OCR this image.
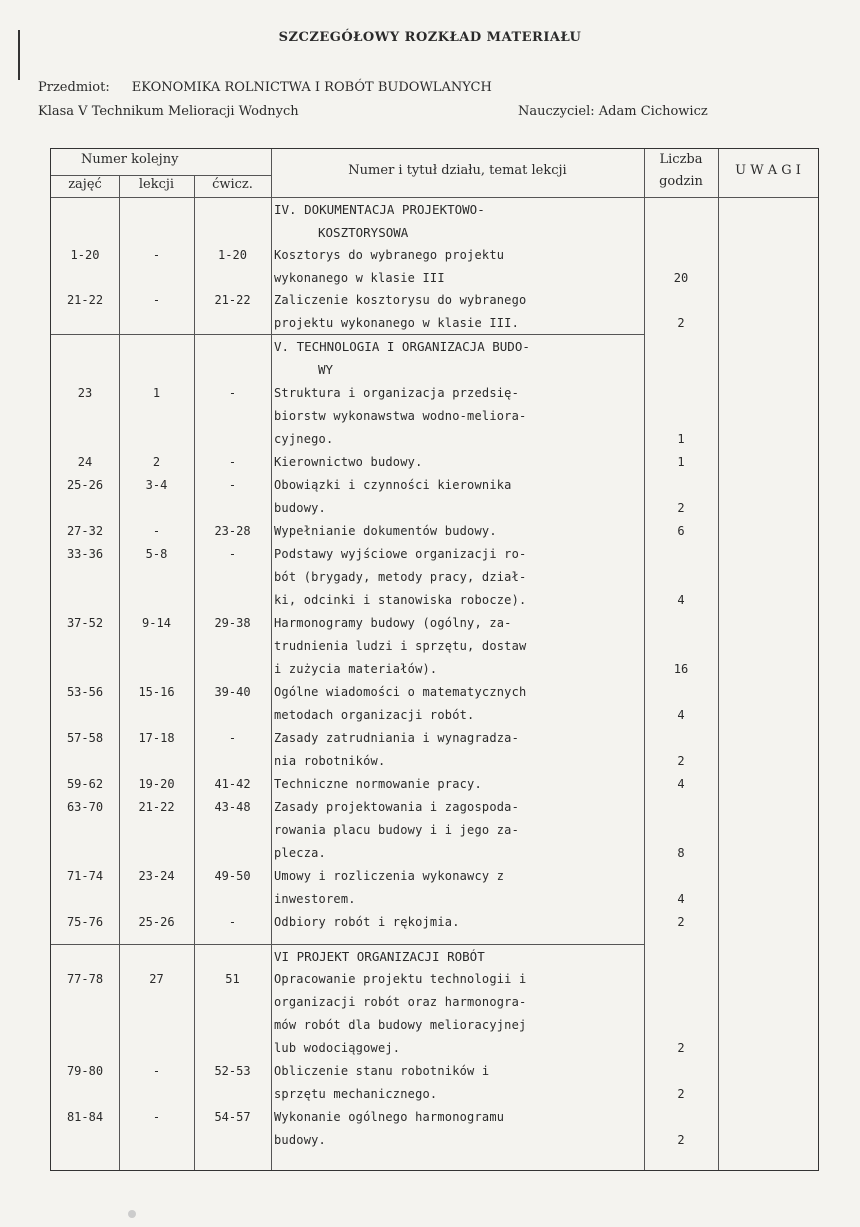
SZCZEGÓŁOWY ROZKŁAD MATERIAŁU
Przedmiot: EKONOMIKA ROLNICTWA I ROBÓT BUDOWLANYCH
Klasa V Technikum Melioracji Wodnych	Nauczyciel: Adam Cichowicz
Numer kolejny
zajęć	lekcji	ćwicz.
Numer i tytuł działu, temat lekcji
Liczba
godzin
U W A G I
IV. DOKUMENTACJA PROJEKTOWO-
KOSZTORYSOWA
V. TECHNOLOGIA I ORGANIZACJA BUDO-
WY
VI PROJEKT ORGANIZACJI ROBÓT
1-20	-	1-20	Kosztorys do wybranego projektu
wykonanego w klasie III	20
21-22	-	21-22	Zaliczenie kosztorysu do wybranego
projektu wykonanego w klasie III.	2
23	1	-	Struktura i organizacja przedsię-
biorstw wykonawstwa wodno-meliora-
cyjnego.	1
24	2	-	Kierownictwo budowy.	1
25-26	3-4	-	Obowiązki i czynności kierownika
budowy.	2
27-32	-	23-28	Wypełnianie dokumentów budowy.	6
33-36	5-8	-	Podstawy wyjściowe organizacji ro-
bót (brygady, metody pracy, dział-
ki, odcinki i stanowiska robocze).	4
37-52	9-14	29-38	Harmonogramy budowy (ogólny, za-
trudnienia ludzi i sprzętu, dostaw
i zużycia materiałów).	16
53-56	15-16	39-40	Ogólne wiadomości o matematycznych
metodach organizacji robót.	4
57-58	17-18	-	Zasady zatrudniania i wynagradza-
nia robotników.	2
59-62	19-20	41-42	Techniczne normowanie pracy.	4
63-70	21-22	43-48	Zasady projektowania i zagospoda-
rowania placu budowy i i jego za-
plecza.	8
71-74	23-24	49-50	Umowy i rozliczenia wykonawcy z
inwestorem.	4
75-76	25-26	-	Odbiory robót i rękojmia.	2
77-78	27	51	Opracowanie projektu technologii i
organizacji robót oraz harmonogra-
mów robót dla budowy melioracyjnej
lub wodociągowej.	2
79-80	-	52-53	Obliczenie stanu robotników i
sprzętu mechanicznego.	2
81-84	-	54-57	Wykonanie ogólnego harmonogramu
budowy.	2
